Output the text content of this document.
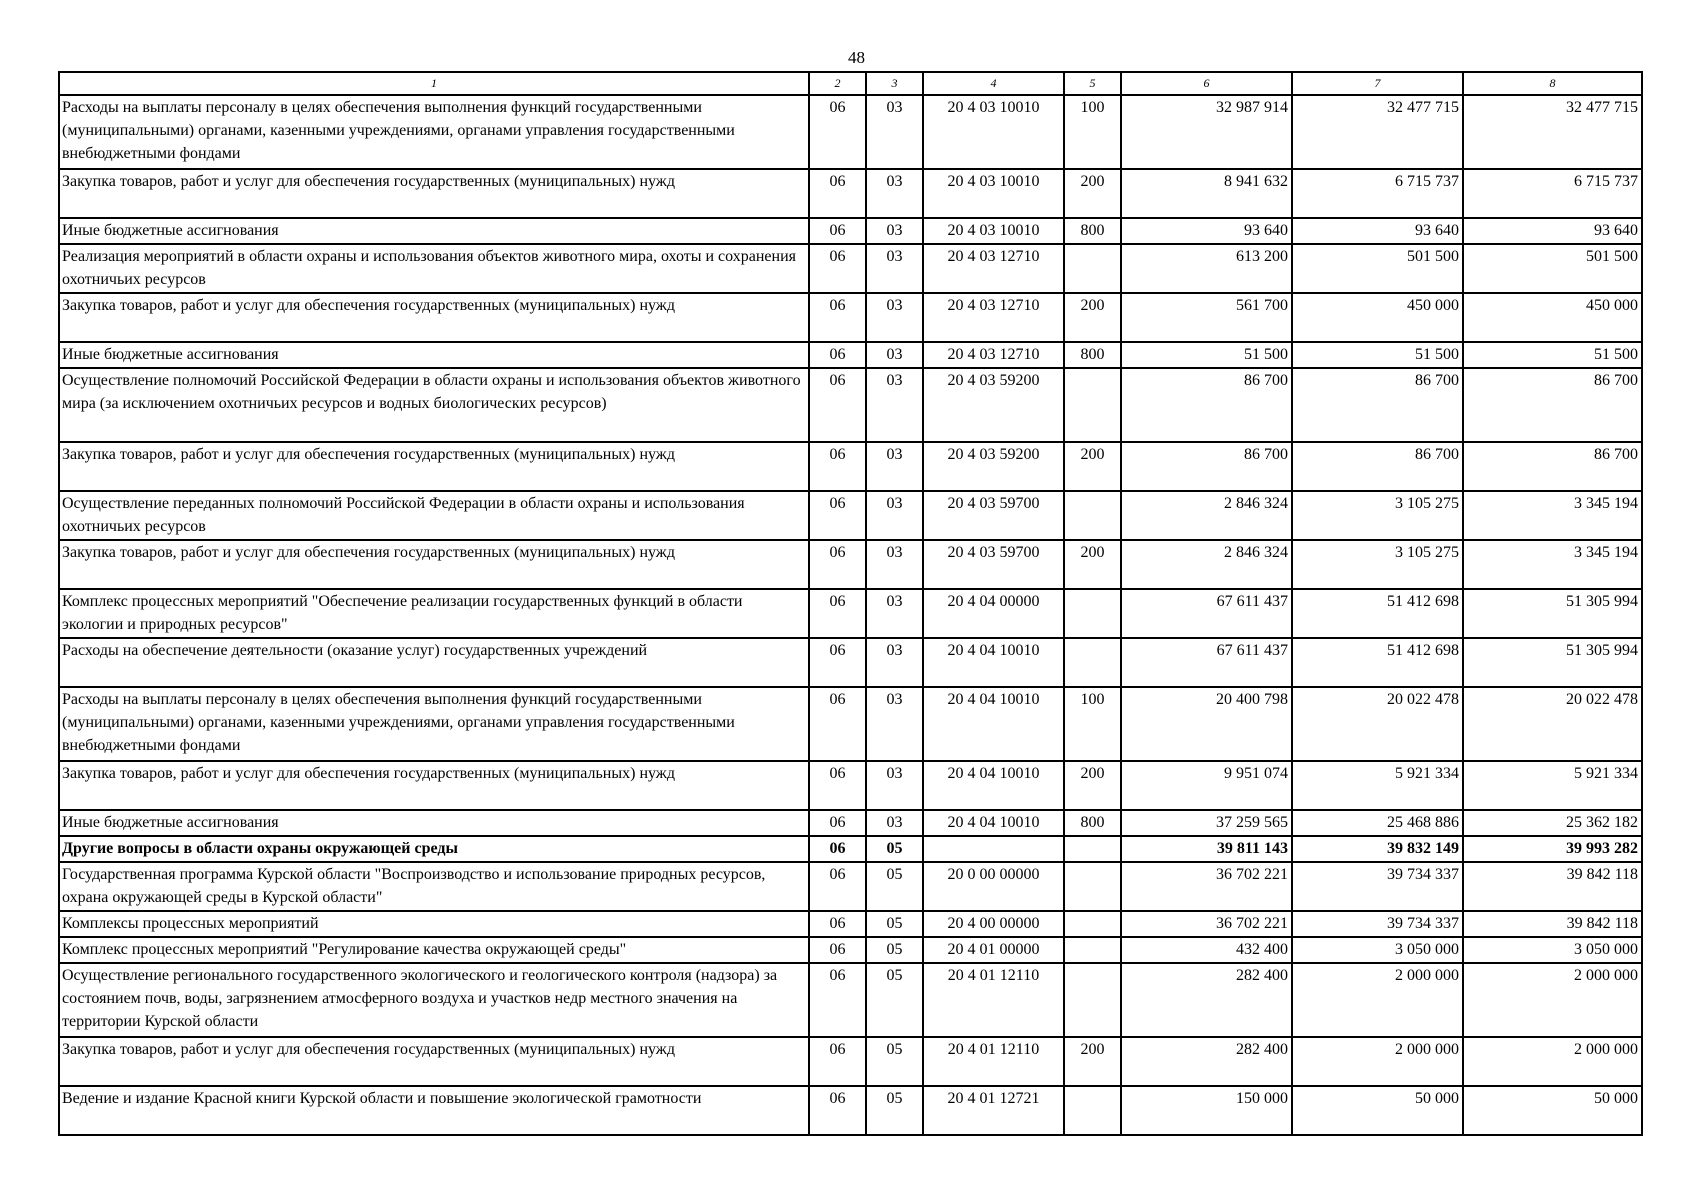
48
1	2	3	4	5	6	7	8
Расходы на выплаты персоналу в целях обеспечения выполнения функций государственными (муниципальными) органами, казенными учреждениями, органами управления государственными внебюджетными фондами	06	03	20 4 03 10010	100	32 987 914	32 477 715	32 477 715
Закупка товаров, работ и услуг для обеспечения государственных (муниципальных) нужд	06	03	20 4 03 10010	200	8 941 632	6 715 737	6 715 737
Иные бюджетные ассигнования	06	03	20 4 03 10010	800	93 640	93 640	93 640
Реализация мероприятий в области охраны и использования объектов животного мира, охоты и сохранения охотничьих ресурсов	06	03	20 4 03 12710		613 200	501 500	501 500
Закупка товаров, работ и услуг для обеспечения государственных (муниципальных) нужд	06	03	20 4 03 12710	200	561 700	450 000	450 000
Иные бюджетные ассигнования	06	03	20 4 03 12710	800	51 500	51 500	51 500
Осуществление полномочий Российской Федерации в области охраны и использования объектов животного мира (за исключением охотничьих ресурсов и водных биологических ресурсов)	06	03	20 4 03 59200		86 700	86 700	86 700
Закупка товаров, работ и услуг для обеспечения государственных (муниципальных) нужд	06	03	20 4 03 59200	200	86 700	86 700	86 700
Осуществление переданных полномочий Российской Федерации в области охраны и использования охотничьих ресурсов	06	03	20 4 03 59700		2 846 324	3 105 275	3 345 194
Закупка товаров, работ и услуг для обеспечения государственных (муниципальных) нужд	06	03	20 4 03 59700	200	2 846 324	3 105 275	3 345 194
Комплекс процессных мероприятий "Обеспечение реализации государственных функций в области экологии и природных ресурсов"	06	03	20 4 04 00000		67 611 437	51 412 698	51 305 994
Расходы на обеспечение деятельности (оказание услуг) государственных учреждений	06	03	20 4 04 10010		67 611 437	51 412 698	51 305 994
Расходы на выплаты персоналу в целях обеспечения выполнения функций государственными (муниципальными) органами, казенными учреждениями, органами управления государственными внебюджетными фондами	06	03	20 4 04 10010	100	20 400 798	20 022 478	20 022 478
Закупка товаров, работ и услуг для обеспечения государственных (муниципальных) нужд	06	03	20 4 04 10010	200	9 951 074	5 921 334	5 921 334
Иные бюджетные ассигнования	06	03	20 4 04 10010	800	37 259 565	25 468 886	25 362 182
Другие вопросы в области охраны окружающей среды	06	05			39 811 143	39 832 149	39 993 282
Государственная программа Курской области "Воспроизводство и использование природных ресурсов, охрана окружающей среды в Курской области"	06	05	20 0 00 00000		36 702 221	39 734 337	39 842 118
Комплексы процессных мероприятий	06	05	20 4 00 00000		36 702 221	39 734 337	39 842 118
Комплекс процессных мероприятий "Регулирование качества окружающей среды"	06	05	20 4 01 00000		432 400	3 050 000	3 050 000
Осуществление регионального государственного экологического и геологического контроля (надзора) за состоянием почв, воды, загрязнением атмосферного воздуха и участков недр местного значения на территории Курской области	06	05	20 4 01 12110		282 400	2 000 000	2 000 000
Закупка товаров, работ и услуг для обеспечения государственных (муниципальных) нужд	06	05	20 4 01 12110	200	282 400	2 000 000	2 000 000
Ведение и издание Красной книги Курской области и повышение экологической грамотности	06	05	20 4 01 12721		150 000	50 000	50 000
